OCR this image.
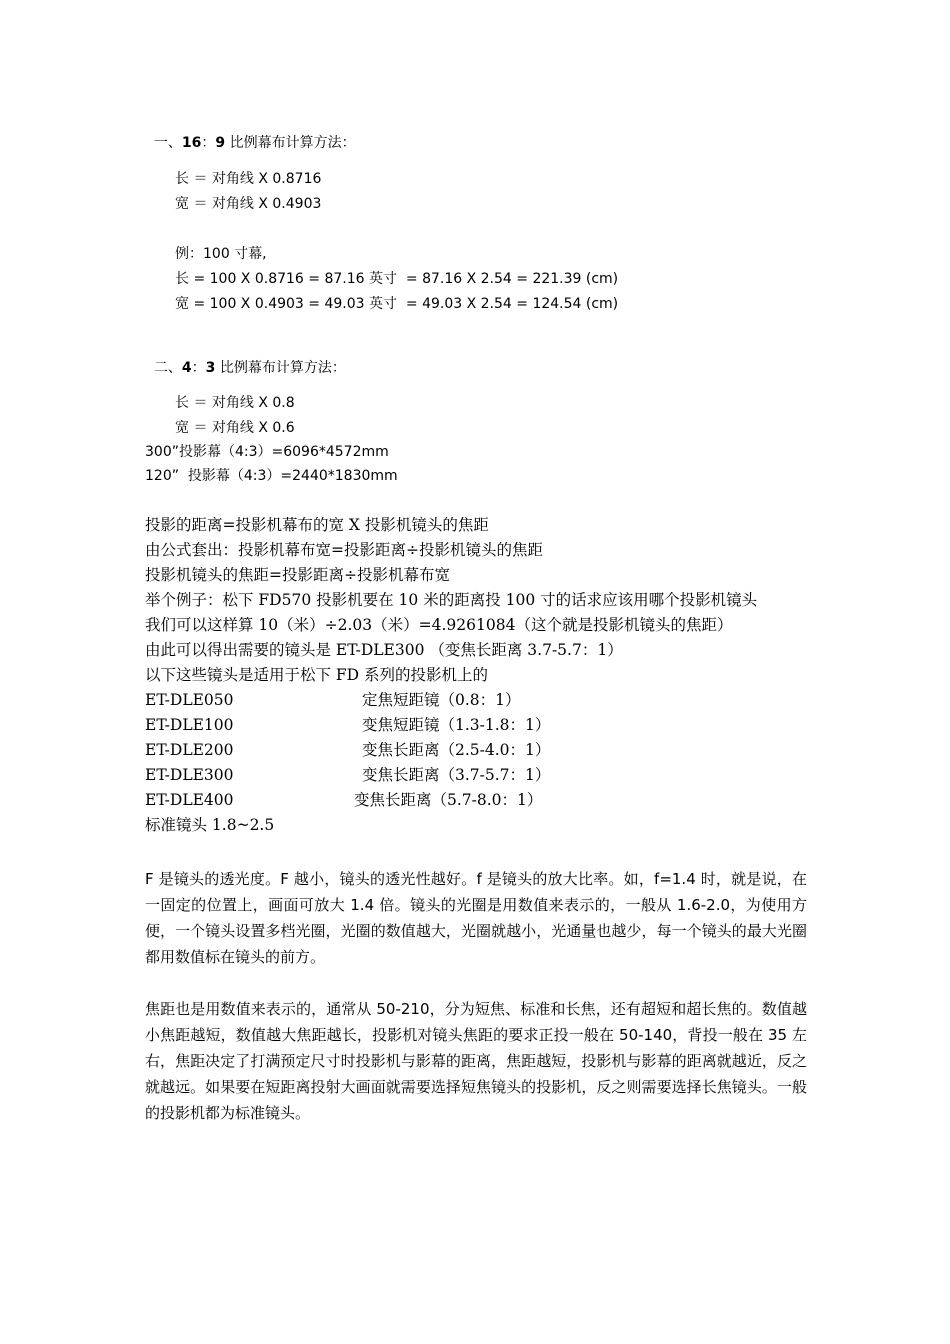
一、16：9 比例幕布计算方法：

长 ＝ 对角线 X 0.8716
宽 ＝ 对角线 X 0.4903
例：100 寸幕,
长 = 100 X 0.8716 = 87.16 英寸  = 87.16 X 2.54 = 221.39 (cm)
宽 = 100 X 0.4903 = 49.03 英寸  = 49.03 X 2.54 = 124.54 (cm)

二、4：3 比例幕布计算方法：

长 ＝ 对角线 X 0.8
宽 ＝ 对角线 X 0.6
300”投影幕（4:3）=6096*4572mm
120”  投影幕（4:3）=2440*1830mm
投影的距离=投影机幕布的宽 X 投影机镜头的焦距
由公式套出：投影机幕布宽=投影距离÷投影机镜头的焦距
投影机镜头的焦距=投影距离÷投影机幕布宽
举个例子：松下 FD570 投影机要在 10 米的距离投 100 寸的话求应该用哪个投影机镜头
我们可以这样算 10（米）÷2.03（米）=4.9261084（这个就是投影机镜头的焦距）
由此可以得出需要的镜头是 ET-DLE300 （变焦长距离 3.7-5.7：1）
以下这些镜头是适用于松下 FD 系列的投影机上的
ET-DLE050	定焦短距镜（0.8：1）
ET-DLE100	变焦短距镜（1.3-1.8：1）
ET-DLE200	变焦长距离（2.5-4.0：1）
ET-DLE300	变焦长距离（3.7-5.7：1）
ET-DLE400	变焦长距离（5.7-8.0：1）
标准镜头 1.8~2.5
F 是镜头的透光度。F 越小，镜头的透光性越好。f 是镜头的放大比率。如，f=1.4 时，就是说，在一固定的位置上，画面可放大 1.4 倍。镜头的光圈是用数值来表示的，一般从 1.6-2.0，为使用方便，一个镜头设置多档光圈，光圈的数值越大，光圈就越小，光通量也越少，每一个镜头的最大光圈都用数值标在镜头的前方。
焦距也是用数值来表示的，通常从 50-210，分为短焦、标准和长焦，还有超短和超长焦的。数值越小焦距越短，数值越大焦距越长，投影机对镜头焦距的要求正投一般在 50-140，背投一般在 35 左右，焦距决定了打满预定尺寸时投影机与影幕的距离，焦距越短，投影机与影幕的距离就越近，反之就越远。如果要在短距离投射大画面就需要选择短焦镜头的投影机，反之则需要选择长焦镜头。一般的投影机都为标准镜头。
